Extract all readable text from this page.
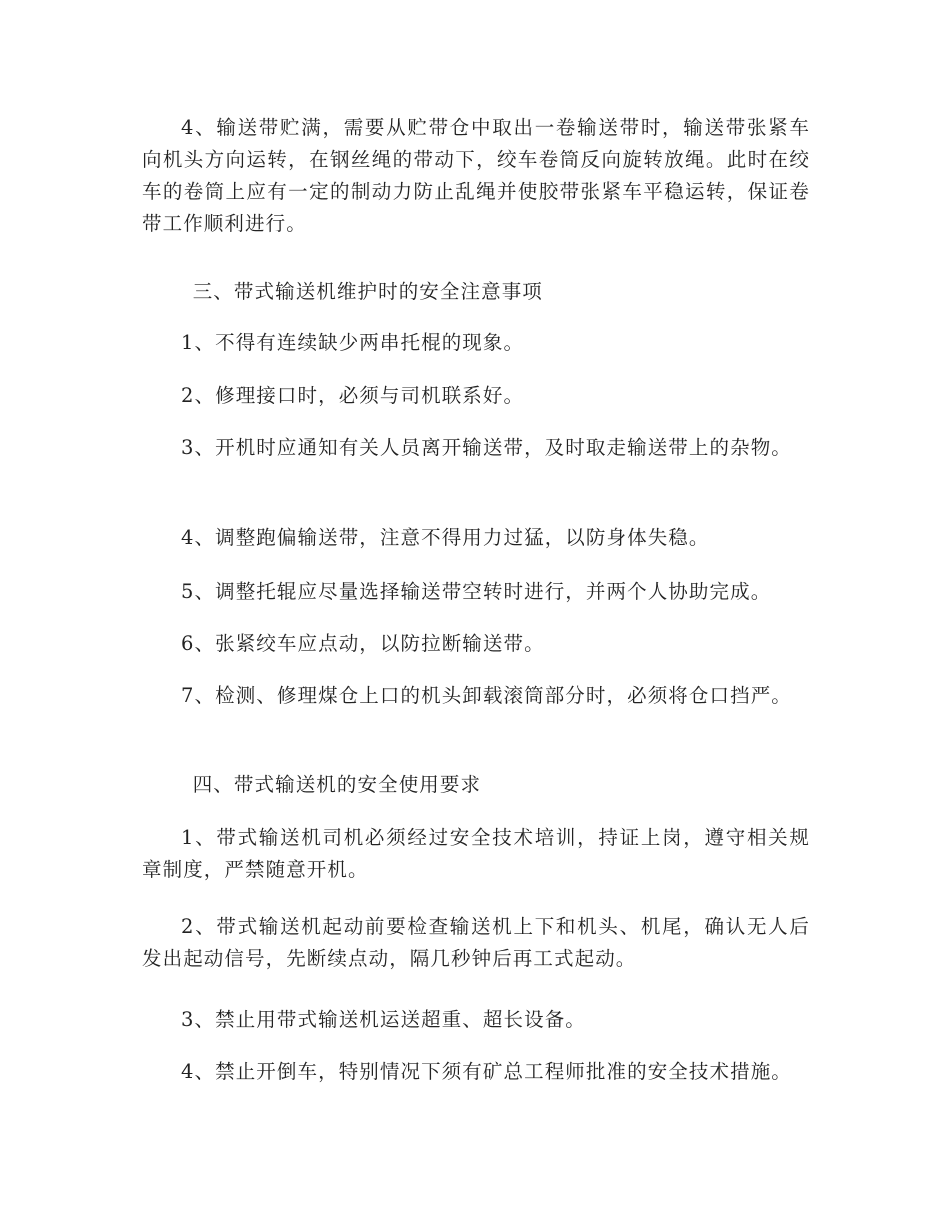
4、输送带贮满，需要从贮带仓中取出一卷输送带时，输送带张紧车向机头方向运转，在钢丝绳的带动下，绞车卷筒反向旋转放绳。此时在绞车的卷筒上应有一定的制动力防止乱绳并使胶带张紧车平稳运转，保证卷带工作顺利进行。

三、带式输送机维护时的安全注意事项

1、不得有连续缺少两串托棍的现象。

2、修理接口时，必须与司机联系好。

3、开机时应通知有关人员离开输送带，及时取走输送带上的杂物。

4、调整跑偏输送带，注意不得用力过猛，以防身体失稳。

5、调整托辊应尽量选择输送带空转时进行，并两个人协助完成。

6、张紧绞车应点动，以防拉断输送带。

7、检测、修理煤仓上口的机头卸载滚筒部分时，必须将仓口挡严。

四、带式输送机的安全使用要求

1、带式输送机司机必须经过安全技术培训，持证上岗，遵守相关规章制度，严禁随意开机。

2、带式输送机起动前要检查输送机上下和机头、机尾，确认无人后发出起动信号，先断续点动，隔几秒钟后再工式起动。

3、禁止用带式输送机运送超重、超长设备。

4、禁止开倒车，特别情况下须有矿总工程师批准的安全技术措施。
